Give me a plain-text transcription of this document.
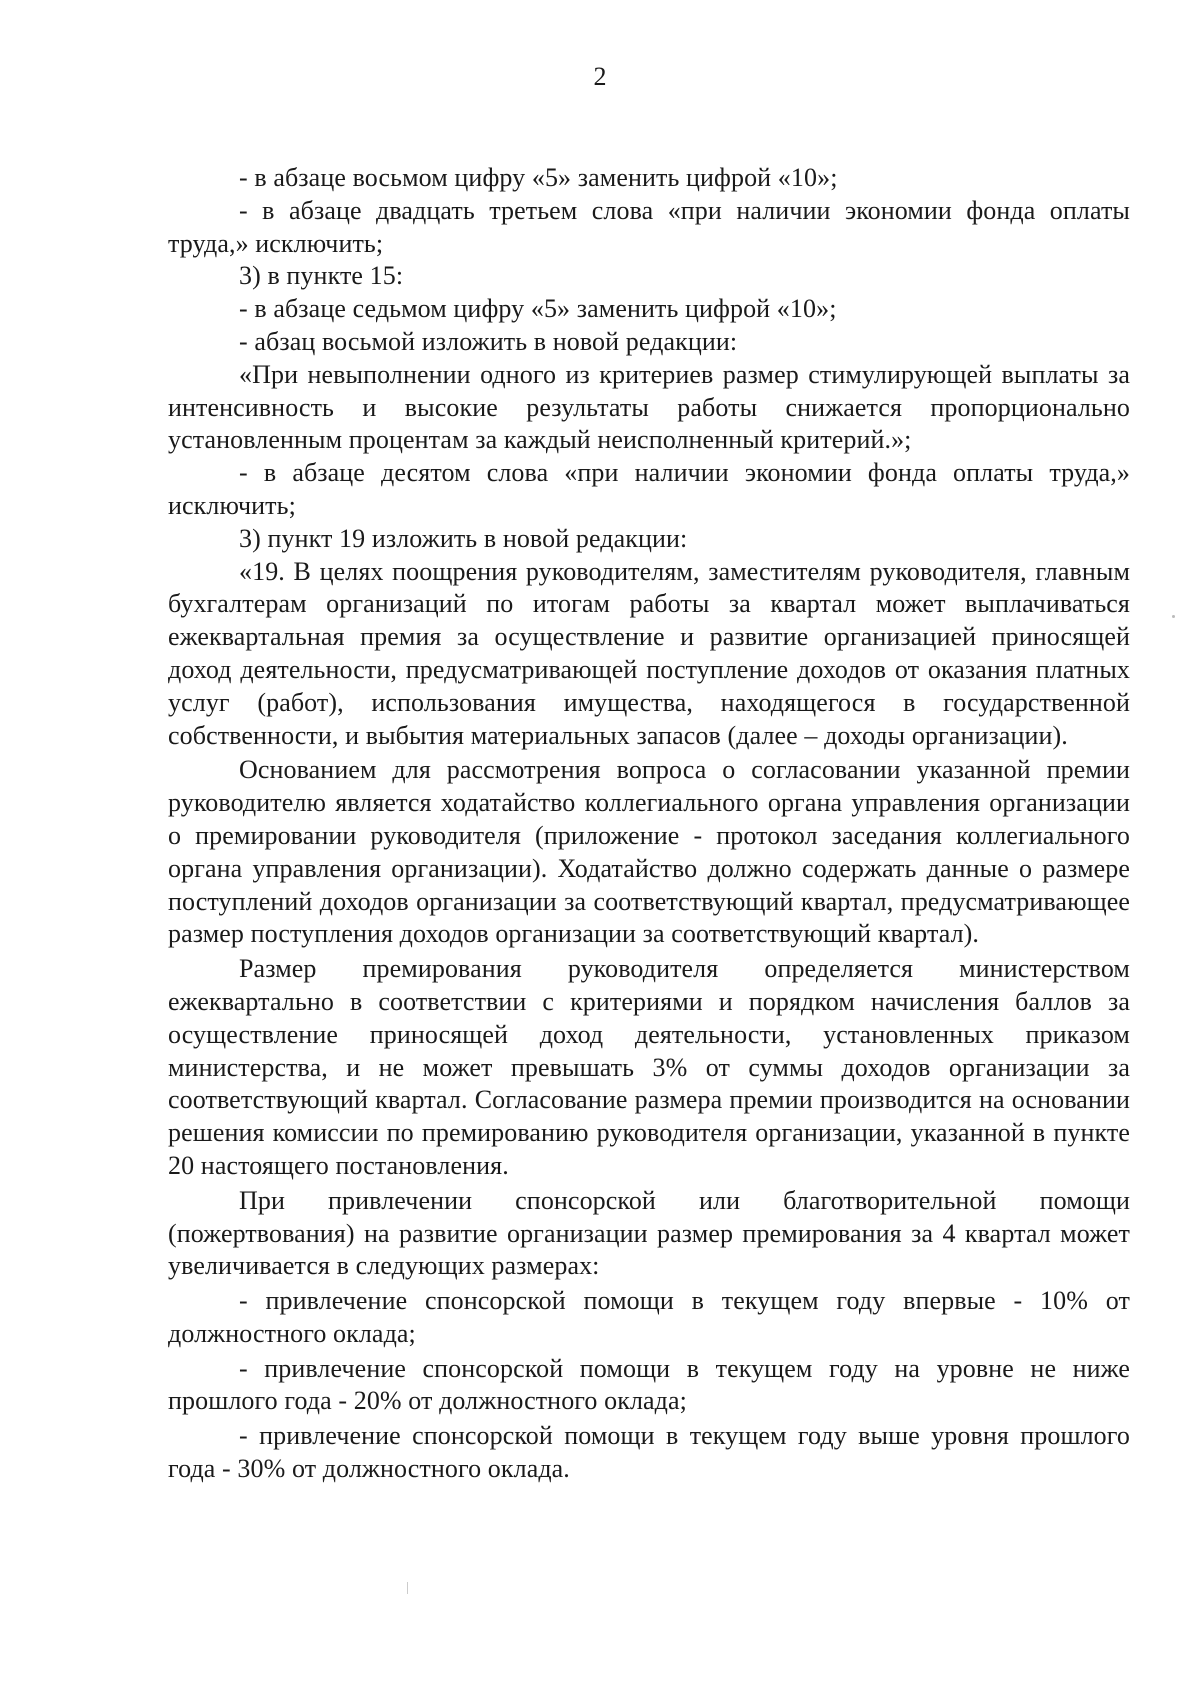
2

- в абзаце восьмом цифру «5» заменить цифрой «10»;

- в абзаце двадцать третьем слова «при наличии экономии фонда оплаты труда,» исключить;

3) в пункте 15:

- в абзаце седьмом цифру «5» заменить цифрой «10»;

- абзац восьмой изложить в новой редакции:

«При невыполнении одного из критериев размер стимулирующей выплаты за интенсивность и высокие результаты работы снижается пропорционально установленным процентам за каждый неисполненный критерий.»;

- в абзаце десятом слова «при наличии экономии фонда оплаты труда,» исключить;

3) пункт 19 изложить в новой редакции:

«19. В целях поощрения руководителям, заместителям руководителя, главным бухгалтерам организаций по итогам работы за квартал может выплачиваться ежеквартальная премия за осуществление и развитие организацией приносящей доход деятельности, предусматривающей поступление доходов от оказания платных услуг (работ), использования имущества, находящегося в государственной собственности, и выбытия материальных запасов (далее – доходы организации).

Основанием для рассмотрения вопроса о согласовании указанной премии руководителю является ходатайство коллегиального органа управления организации о премировании руководителя (приложение - протокол заседания коллегиального органа управления организации). Ходатайство должно содержать данные о размере поступлений доходов организации за соответствующий квартал, предусматривающее размер поступления доходов организации за соответствующий квартал).

Размер премирования руководителя определяется министерством ежеквартально в соответствии с критериями и порядком начисления баллов за осуществление приносящей доход деятельности, установленных приказом министерства, и не может превышать 3% от суммы доходов организации за соответствующий квартал. Согласование размера премии производится на основании решения комиссии по премированию руководителя организации, указанной в пункте 20 настоящего постановления.

При привлечении спонсорской или благотворительной помощи (пожертвования) на развитие организации размер премирования за 4 квартал может увеличивается в следующих размерах:

- привлечение спонсорской помощи в текущем году впервые - 10% от должностного оклада;

- привлечение спонсорской помощи в текущем году на уровне не ниже прошлого года - 20% от должностного оклада;

- привлечение спонсорской помощи в текущем году выше уровня прошлого года - 30% от должностного оклада.
